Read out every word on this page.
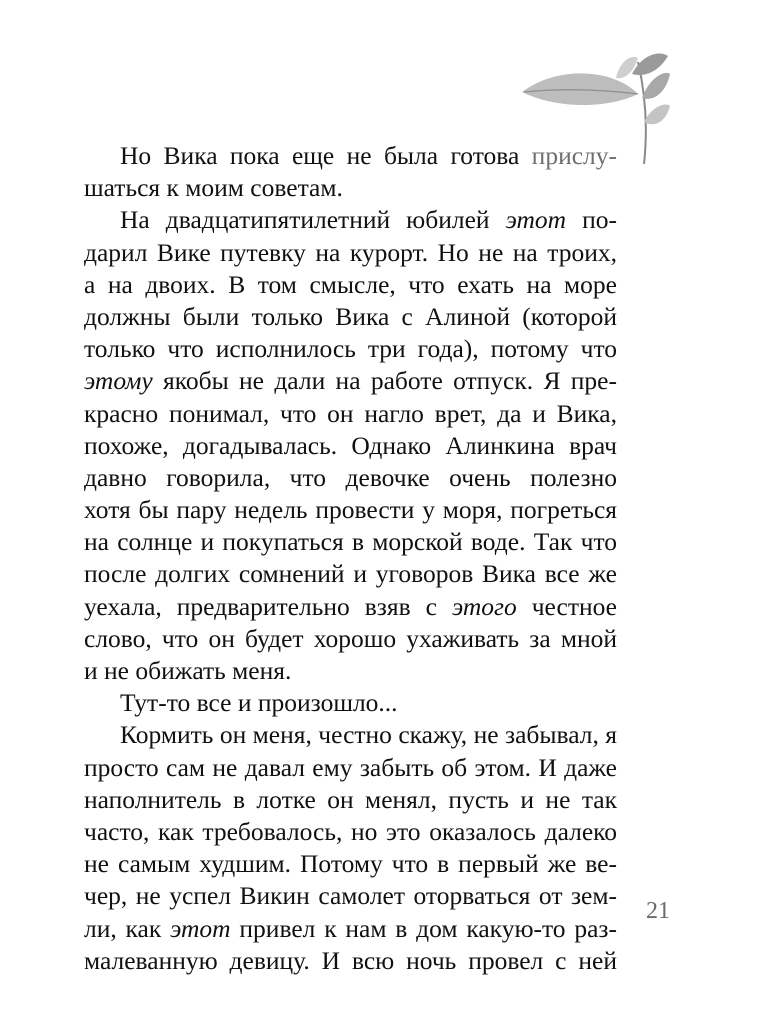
Но Вика пока еще не была готова прислу-
шаться к моим советам.
На двадцатипятилетний юбилей этот по-
дарил Вике путевку на курорт. Но не на троих,
а на двоих. В том смысле, что ехать на море
должны были только Вика с Алиной (которой
только что исполнилось три года), потому что
этому якобы не дали на работе отпуск. Я пре-
красно понимал, что он нагло врет, да и Вика,
похоже, догадывалась. Однако Алинкина врач
давно говорила, что девочке очень полезно
хотя бы пару недель провести у моря, погреться
на солнце и покупаться в морской воде. Так что
после долгих сомнений и уговоров Вика все же
уехала, предварительно взяв с этого честное
слово, что он будет хорошо ухаживать за мной
и не обижать меня.
Тут-то все и произошло...
Кормить он меня, честно скажу, не забывал, я
просто сам не давал ему забыть об этом. И даже
наполнитель в лотке он менял, пусть и не так
часто, как требовалось, но это оказалось далеко
не самым худшим. Потому что в первый же ве-
чер, не успел Викин самолет оторваться от зем-
ли, как этот привел к нам в дом какую-то раз-
малеванную девицу. И всю ночь провел с ней
21
